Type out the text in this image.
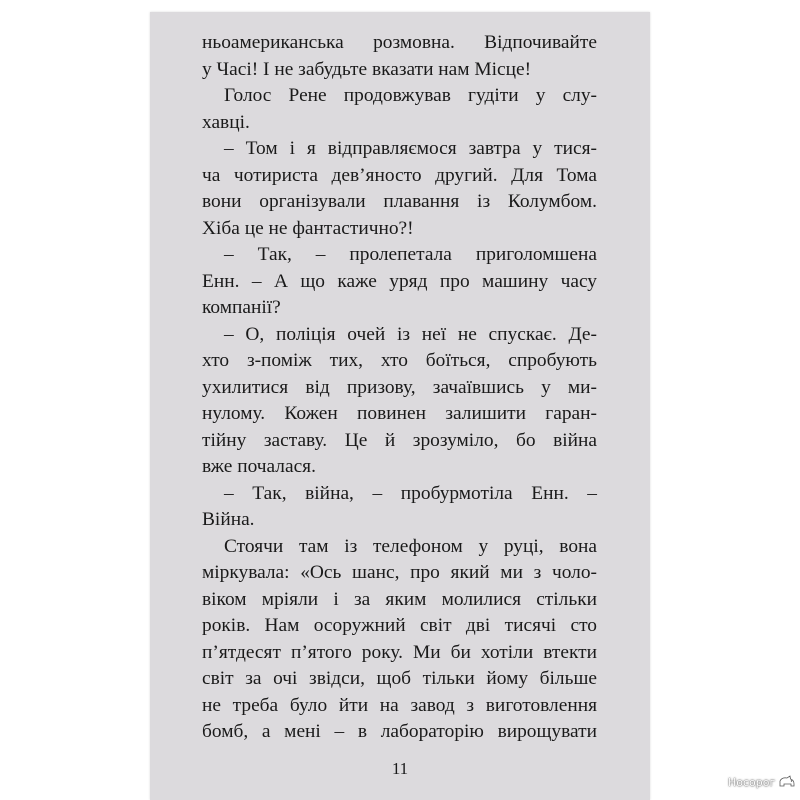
ньоамериканська розмовна. Відпочивайте
у Часі! І не забудьте вказати нам Місце!
Голос Рене продовжував гудіти у слу-
хавці.
– Том і я відправляємося завтра у тися-
ча чотириста дев’яносто другий. Для Тома
вони організували плавання із Колумбом.
Хіба це не фантастично?!
– Так, – пролепетала приголомшена
Енн. – А що каже уряд про машину часу
компанії?
– О, поліція очей із неї не спускає. Де-
хто з-поміж тих, хто боїться, спробують
ухилитися від призову, зачаївшись у ми-
нулому. Кожен повинен залишити гаран-
тійну заставу. Це й зрозуміло, бо війна
вже почалася.
– Так, війна, – пробурмотіла Енн. –
Війна.
Стоячи там із телефоном у руці, вона
міркувала: «Ось шанс, про який ми з чоло-
віком мріяли і за яким молилися стільки
років. Нам осоружний світ дві тисячі сто
п’ятдесят п’ятого року. Ми би хотіли втекти
світ за очі звідси, щоб тільки йому більше
не треба було йти на завод з виготовлення
бомб, а мені – в лабораторію вирощувати
11
Носорог
